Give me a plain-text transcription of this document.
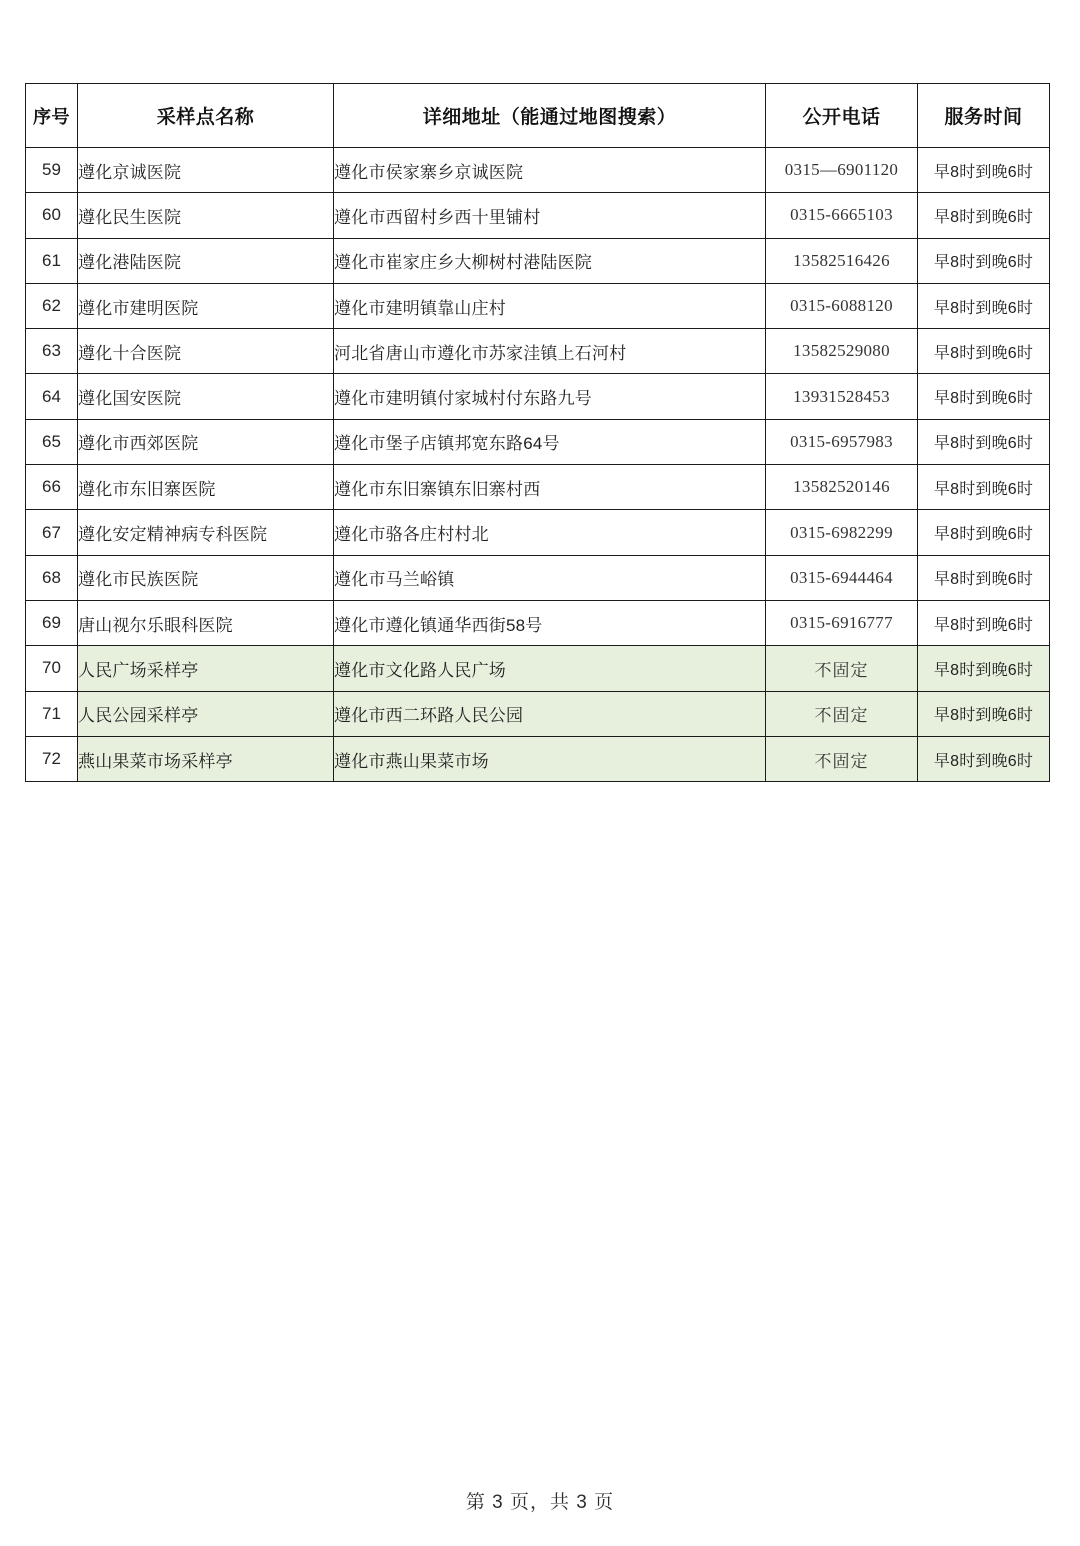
序号	采样点名称	详细地址（能通过地图搜索）	公开电话	服务时间
59	遵化京诚医院	遵化市侯家寨乡京诚医院	0315—6901120	早8时到晚6时
60	遵化民生医院	遵化市西留村乡西十里铺村	0315-6665103	早8时到晚6时
61	遵化港陆医院	遵化市崔家庄乡大柳树村港陆医院	13582516426	早8时到晚6时
62	遵化市建明医院	遵化市建明镇靠山庄村	0315-6088120	早8时到晚6时
63	遵化十合医院	河北省唐山市遵化市苏家洼镇上石河村	13582529080	早8时到晚6时
64	遵化国安医院	遵化市建明镇付家城村付东路九号	13931528453	早8时到晚6时
65	遵化市西郊医院	遵化市堡子店镇邦宽东路64号	0315-6957983	早8时到晚6时
66	遵化市东旧寨医院	遵化市东旧寨镇东旧寨村西	13582520146	早8时到晚6时
67	遵化安定精神病专科医院	遵化市骆各庄村村北	0315-6982299	早8时到晚6时
68	遵化市民族医院	遵化市马兰峪镇	0315-6944464	早8时到晚6时
69	唐山视尔乐眼科医院	遵化市遵化镇通华西街58号	0315-6916777	早8时到晚6时
70	人民广场采样亭	遵化市文化路人民广场	不固定	早8时到晚6时
71	人民公园采样亭	遵化市西二环路人民公园	不固定	早8时到晚6时
72	燕山果菜市场采样亭	遵化市燕山果菜市场	不固定	早8时到晚6时
第 3 页，共 3 页
